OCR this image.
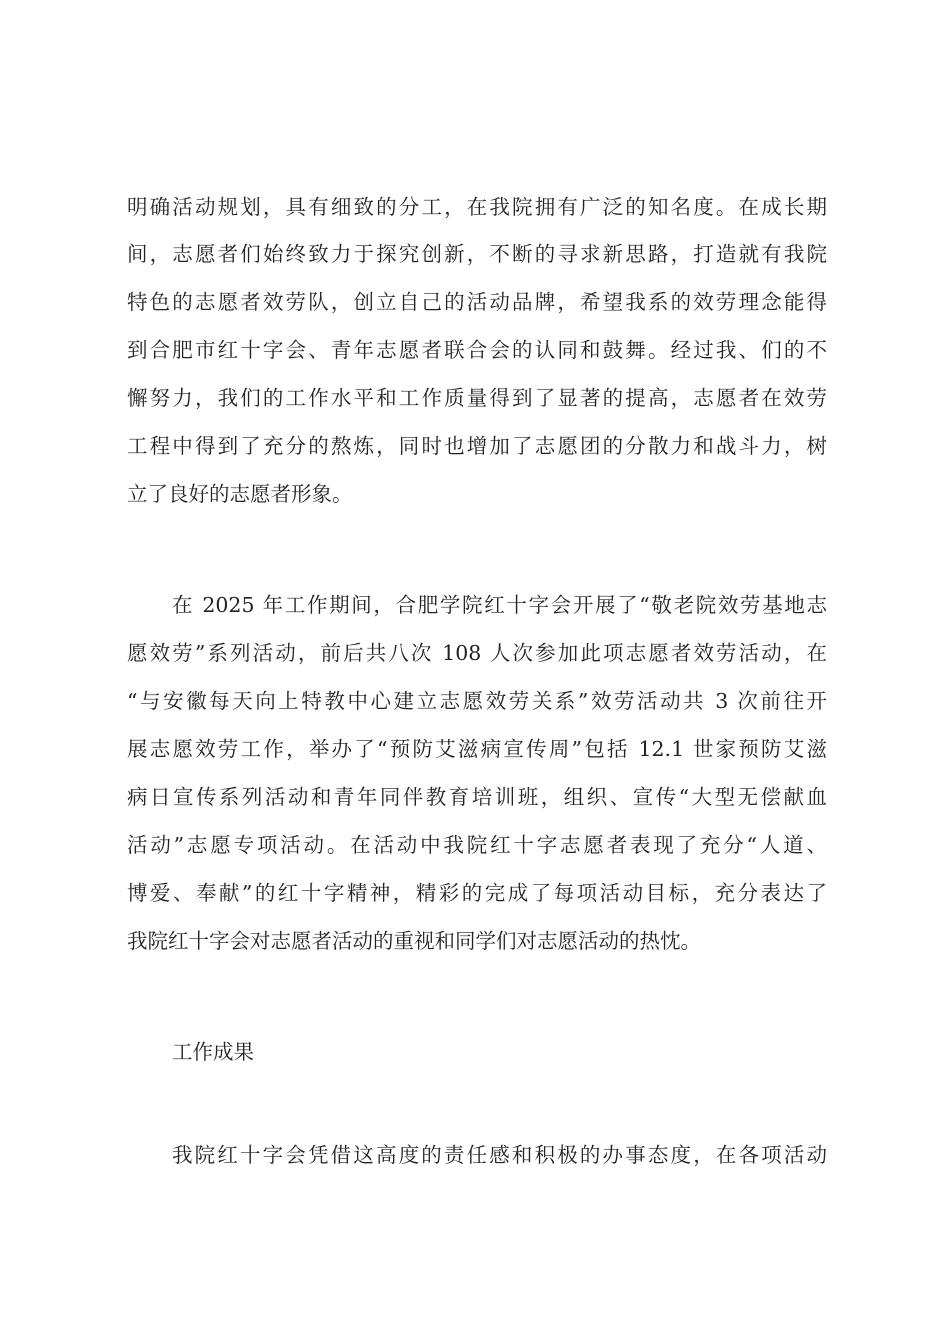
明确活动规划，具有细致的分工，在我院拥有广泛的知名度。在成长期

间，志愿者们始终致力于探究创新，不断的寻求新思路，打造就有我院

特色的志愿者效劳队，创立自己的活动品牌，希望我系的效劳理念能得

到合肥市红十字会、青年志愿者联合会的认同和鼓舞。经过我、们的不

懈努力，我们的工作水平和工作质量得到了显著的提高，志愿者在效劳

工程中得到了充分的熬炼，同时也增加了志愿团的分散力和战斗力，树

立了良好的志愿者形象。

在 2025 年工作期间，合肥学院红十字会开展了“敬老院效劳基地志

愿效劳”系列活动，前后共八次 108 人次参加此项志愿者效劳活动，在

“与安徽每天向上特教中心建立志愿效劳关系”效劳活动共 3 次前往开

展志愿效劳工作，举办了“预防艾滋病宣传周”包括 12.1 世家预防艾滋

病日宣传系列活动和青年同伴教育培训班，组织、宣传“大型无偿献血

活动”志愿专项活动。在活动中我院红十字志愿者表现了充分“人道、

博爱、奉献”的红十字精神，精彩的完成了每项活动目标，充分表达了

我院红十字会对志愿者活动的重视和同学们对志愿活动的热忱。

工作成果

我院红十字会凭借这高度的责任感和积极的办事态度，在各项活动
